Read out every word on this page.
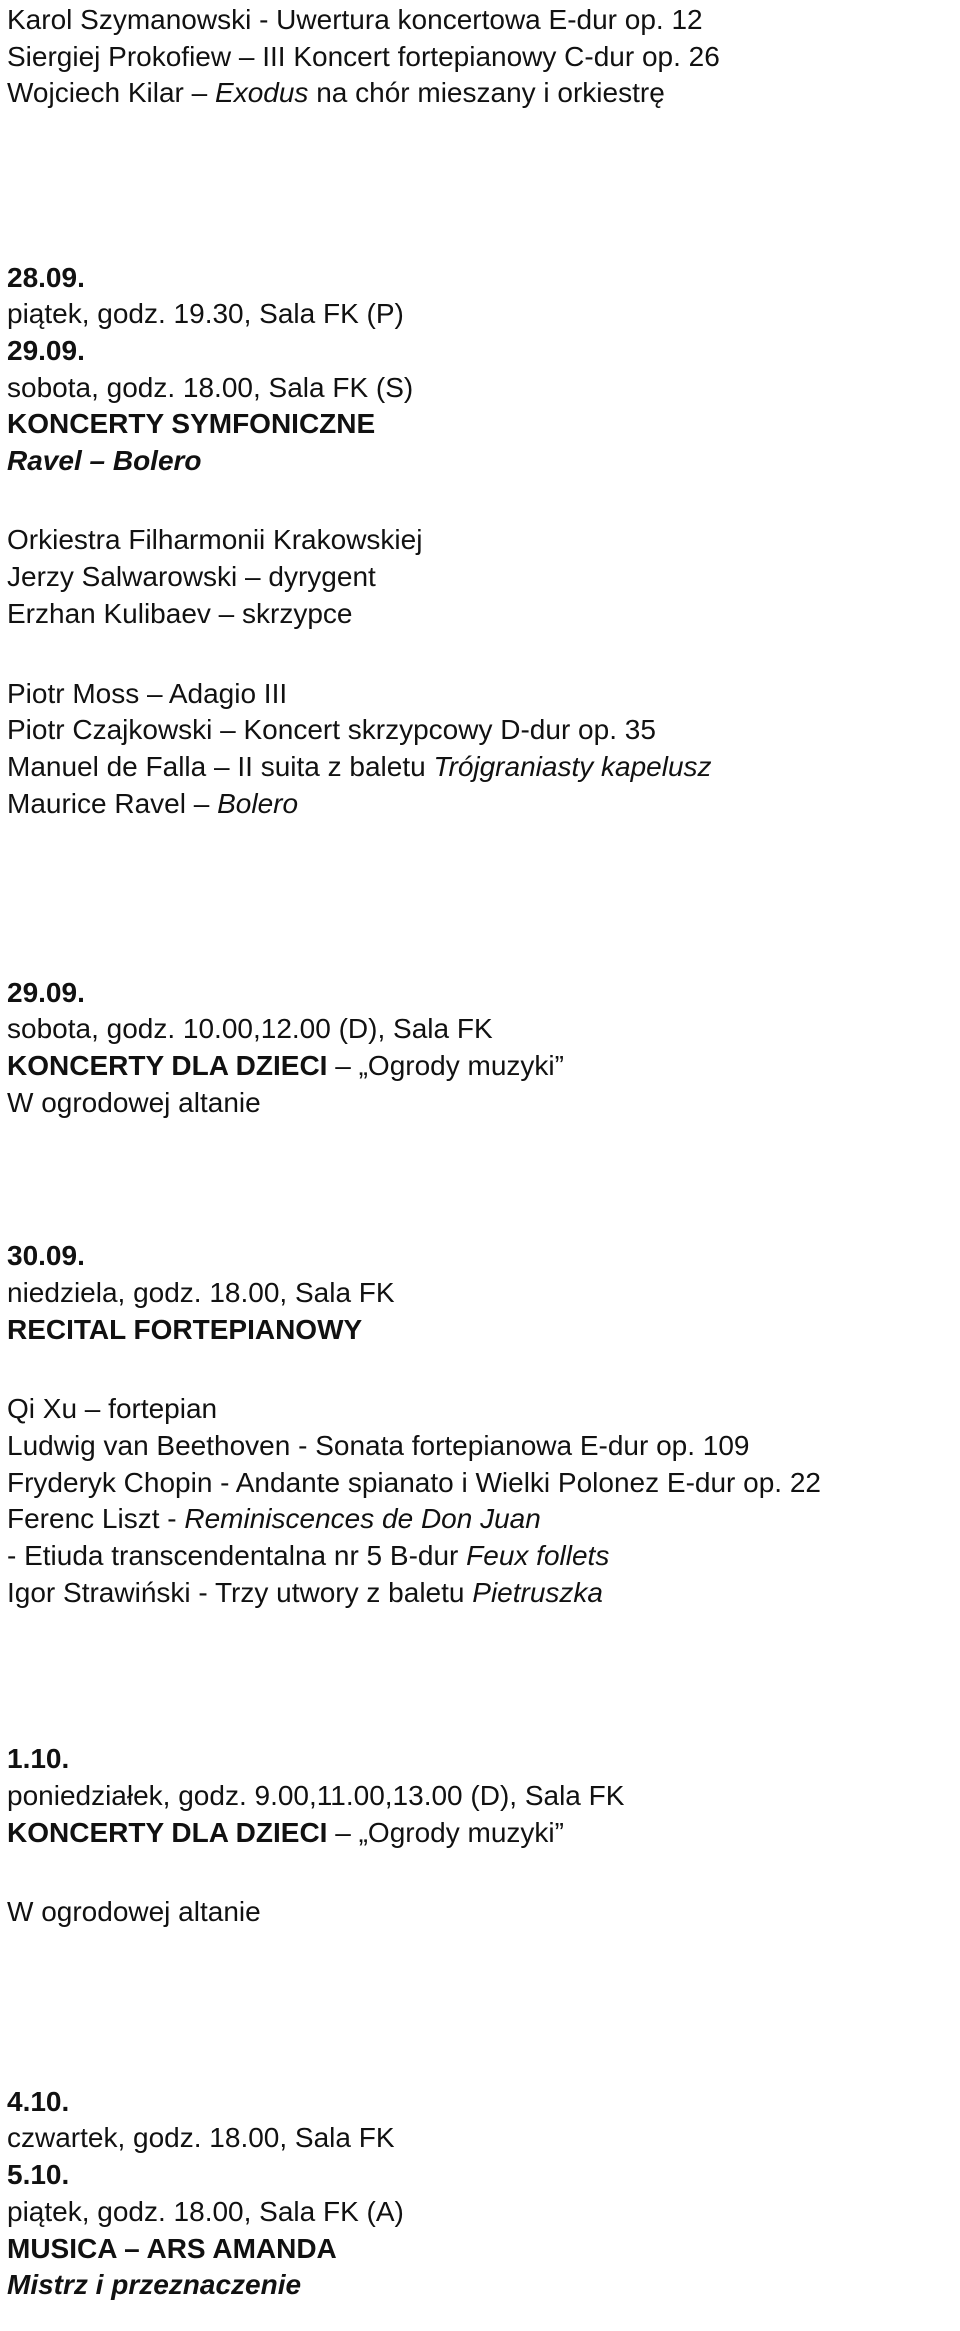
Karol Szymanowski - Uwertura koncertowa E-dur op. 12
Siergiej Prokofiew – III Koncert fortepianowy C-dur op. 26
Wojciech Kilar – Exodus na chór mieszany i orkiestrę
28.09.
piątek, godz. 19.30, Sala FK (P)
29.09.
sobota, godz. 18.00, Sala FK (S)
KONCERTY SYMFONICZNE
Ravel – Bolero
Orkiestra Filharmonii Krakowskiej
Jerzy Salwarowski – dyrygent
Erzhan Kulibaev – skrzypce
Piotr Moss – Adagio III
Piotr Czajkowski – Koncert skrzypcowy D-dur op. 35
Manuel de Falla – II suita z baletu Trójgraniasty kapelusz
Maurice Ravel – Bolero
29.09.
sobota, godz. 10.00,12.00 (D), Sala FK
KONCERTY DLA DZIECI – „Ogrody muzyki”
W ogrodowej altanie
30.09.
niedziela, godz. 18.00, Sala FK
RECITAL FORTEPIANOWY
Qi Xu – fortepian
Ludwig van Beethoven - Sonata fortepianowa E-dur op. 109
Fryderyk Chopin - Andante spianato i Wielki Polonez E-dur op. 22
Ferenc Liszt - Reminiscences de Don Juan
- Etiuda transcendentalna nr 5 B-dur Feux follets
Igor Strawiński - Trzy utwory z baletu Pietruszka
1.10.
poniedziałek, godz. 9.00,11.00,13.00 (D), Sala FK
KONCERTY DLA DZIECI – „Ogrody muzyki”
W ogrodowej altanie
4.10.
czwartek, godz. 18.00, Sala FK
5.10.
piątek, godz. 18.00, Sala FK (A)
MUSICA – ARS AMANDA
Mistrz i przeznaczenie
